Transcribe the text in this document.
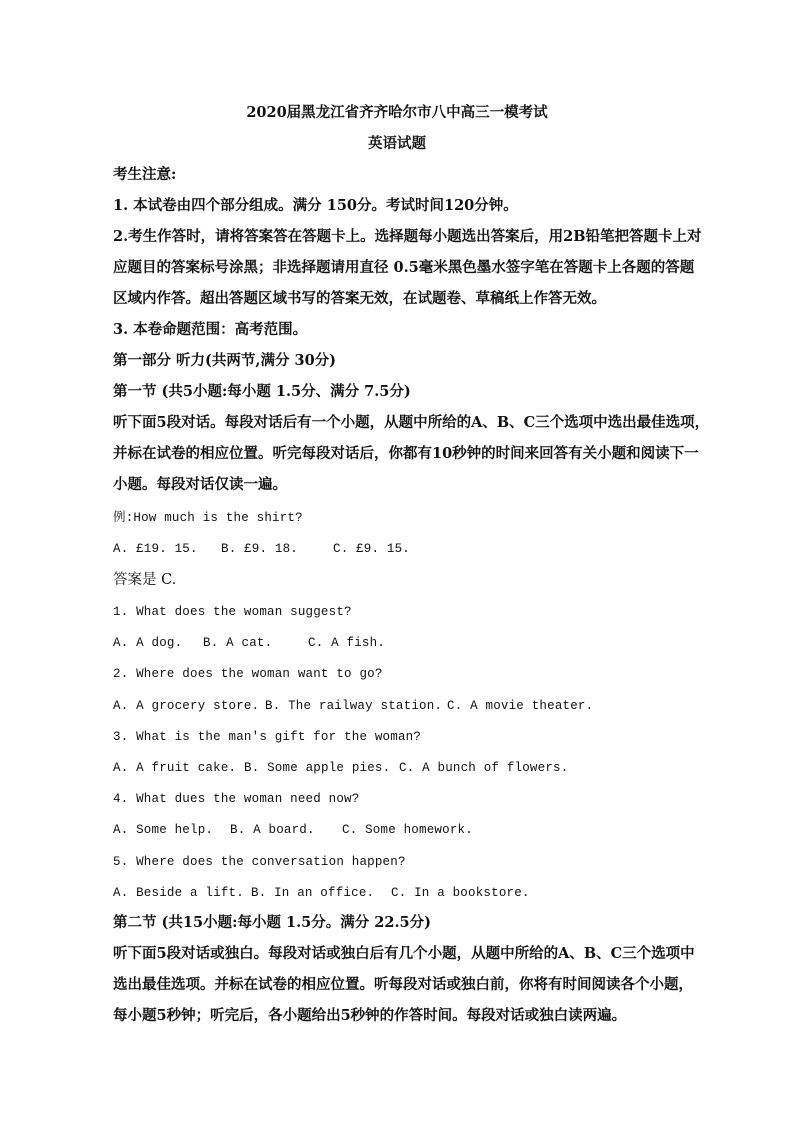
2020届黑龙江省齐齐哈尔市八中高三一模考试
英语试题
考生注意:
1. 本试卷由四个部分组成。满分 150分。考试时间120分钟。
2.考生作答时，请将答案答在答题卡上。选择题每小题选出答案后，用2B铅笔把答题卡上对
应题目的答案标号涂黑；非选择题请用直径 0.5毫米黑色墨水签字笔在答题卡上各题的答题
区域内作答。超出答题区域书写的答案无效，在试题卷、草稿纸上作答无效。
3. 本卷命题范围：高考范围。
第一部分 听力(共两节,满分 30分)
第一节 (共5小题:每小题 1.5分、满分 7.5分)
听下面5段对话。每段对话后有一个小题，从题中所给的A、B、C三个选项中选出最佳选项，
并标在试卷的相应位置。听完每段对话后，你都有10秒钟的时间来回答有关小题和阅读下一
小题。每段对话仅读一遍。
例:How much is the shirt?
A. £19. 15. B. £9. 18.	C. £9. 15.
答案是 C.
1. What does the woman suggest?
A. A dog. B. A cat.	C. A fish.
2. Where does the woman want to go?
A. A grocery store. B. The railway station. C. A movie theater.
3. What is the man's gift for the woman?
A. A fruit cake. B. Some apple pies. C. A bunch of flowers.
4. What dues the woman need now?
A. Some help. B. A board. C. Some homework.
5. Where does the conversation happen?
A. Beside a lift. B. In an office. C. In a bookstore.
第二节 (共15小题:每小题 1.5分。满分 22.5分)
听下面5段对话或独白。每段对话或独白后有几个小题，从题中所给的A、B、C三个选项中
选出最佳选项。并标在试卷的相应位置。听每段对话或独白前，你将有时间阅读各个小题，
每小题5秒钟；听完后，各小题给出5秒钟的作答时间。每段对话或独白读两遍。
